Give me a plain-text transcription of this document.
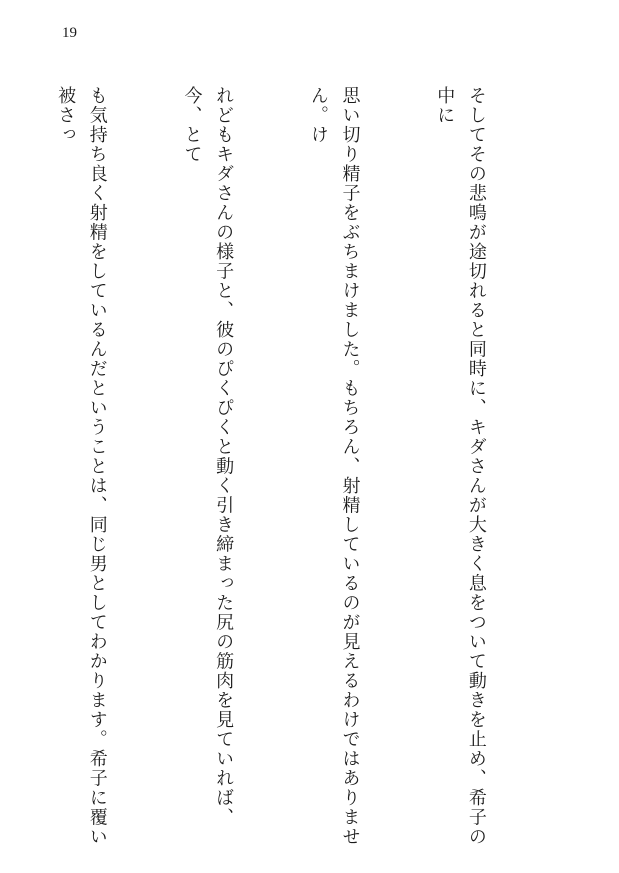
19

そしてその悲鳴が途切れると同時に、キダさんが大きく息をついて動きを止め、希子の中に

思い切り精子をぶちまけました。もちろん、射精しているのが見えるわけではありません。け

れどもキダさんの様子と、彼のぴくぴくと動く引き締まった尻の筋肉を見ていれば、今、とて

も気持ち良く射精をしているんだということは、同じ男としてわかります。希子に覆い被さっ
